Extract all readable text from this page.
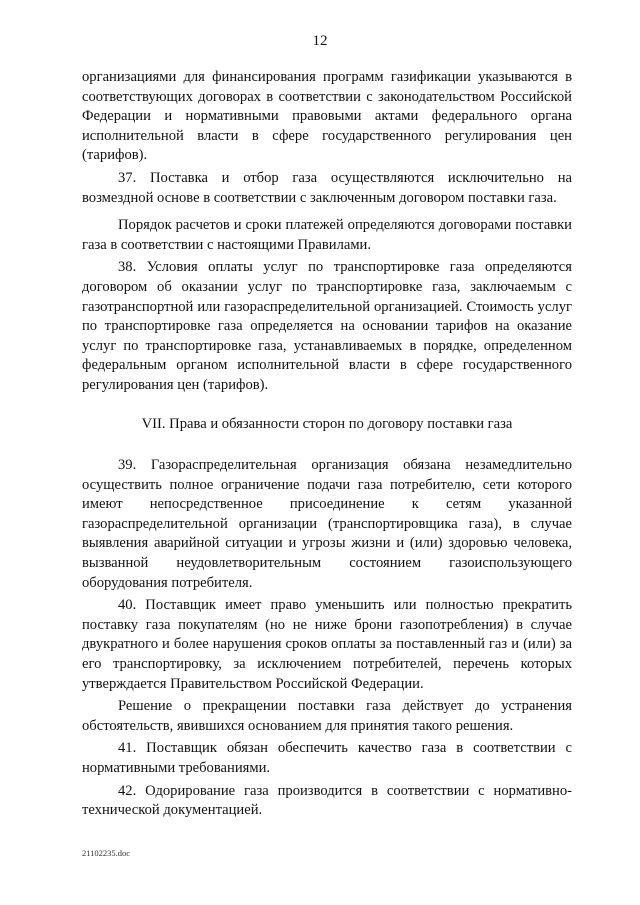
12

организациями для финансирования программ газификации указываются в соответствующих договорах в соответствии с законодательством Российской Федерации и нормативными правовыми актами федерального органа исполнительной власти в сфере государственного регулирования цен (тарифов).

37. Поставка и отбор газа осуществляются исключительно на возмездной основе в соответствии с заключенным договором поставки газа.

Порядок расчетов и сроки платежей определяются договорами поставки газа в соответствии с настоящими Правилами.

38. Условия оплаты услуг по транспортировке газа определяются договором об оказании услуг по транспортировке газа, заключаемым с газотранспортной или газораспределительной организацией. Стоимость услуг по транспортировке газа определяется на основании тарифов на оказание услуг по транспортировке газа, устанавливаемых в порядке, определенном федеральным органом исполнительной власти в сфере государственного регулирования цен (тарифов).

VII. Права и обязанности сторон по договору поставки газа

39. Газораспределительная организация обязана незамедлительно осуществить полное ограничение подачи газа потребителю, сети которого имеют непосредственное присоединение к сетям указанной газораспределительной организации (транспортировщика газа), в случае выявления аварийной ситуации и угрозы жизни и (или) здоровью человека, вызванной неудовлетворительным состоянием газоиспользующего оборудования потребителя.

40. Поставщик имеет право уменьшить или полностью прекратить поставку газа покупателям (но не ниже брони газопотребления) в случае двукратного и более нарушения сроков оплаты за поставленный газ и (или) за его транспортировку, за исключением потребителей, перечень которых утверждается Правительством Российской Федерации.

Решение о прекращении поставки газа действует до устранения обстоятельств, явившихся основанием для принятия такого решения.

41. Поставщик обязан обеспечить качество газа в соответствии с нормативными требованиями.

42. Одорирование газа производится в соответствии с нормативно-технической документацией.

21102235.doc
